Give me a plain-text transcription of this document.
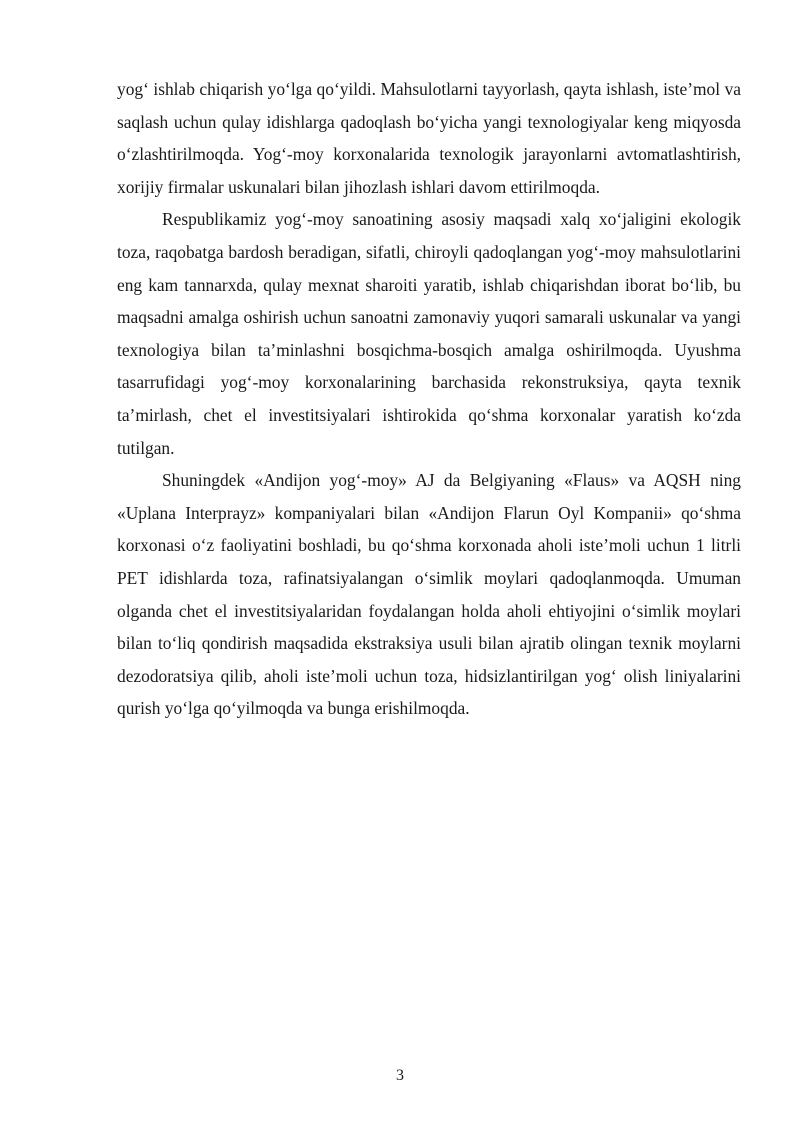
yog‘ ishlab chiqarish yo‘lga qo‘yildi. Mahsulotlarni tayyorlash, qayta ishlash, iste’mol va saqlash uchun qulay idishlarga qadoqlash bo‘yicha yangi texnologiyalar keng miqyosda o‘zlashtirilmoqda. Yog‘-moy korxonalarida texnologik jarayonlarni avtomatlashtirish, xorijiy firmalar uskunalari bilan jihozlash ishlari davom ettirilmoqda.

Respublikamiz yog‘-moy sanoatining asosiy maqsadi xalq xo‘jaligini ekologik toza, raqobatga bardosh beradigan, sifatli, chiroyli qadoqlangan yog‘-moy mahsulotlarini eng kam tannarxda, qulay mexnat sharoiti yaratib, ishlab chiqarishdan iborat bo‘lib, bu maqsadni amalga oshirish uchun sanoatni zamonaviy yuqori samarali uskunalar va yangi texnologiya bilan ta’minlashni bosqichma-bosqich amalga oshirilmoqda. Uyushma tasarrufidagi yog‘-moy korxonalarining barchasida rekonstruksiya, qayta texnik ta’mirlash, chet el investitsiyalari ishtirokida qo‘shma korxonalar yaratish ko‘zda tutilgan.

Shuningdek «Andijon yog‘-moy» AJ da Belgiyaning «Flaus» va AQSH ning «Uplana Interprayz» kompaniyalari bilan «Andijon Flarun Oyl Kompanii» qo‘shma korxonasi o‘z faoliyatini boshladi, bu qo‘shma korxonada aholi iste’moli uchun 1 litrli PET idishlarda toza, rafinatsiyalangan o‘simlik moylari qadoqlanmoqda. Umuman olganda chet el investitsiyalaridan foydalangan holda aholi ehtiyojini o‘simlik moylari bilan to‘liq qondirish maqsadida ekstraksiya usuli bilan ajratib olingan texnik moylarni dezodoratsiya qilib, aholi iste’moli uchun toza, hidsizlantirilgan yog‘ olish liniyalarini qurish yo‘lga qo‘yilmoqda va bunga erishilmoqda.

3
